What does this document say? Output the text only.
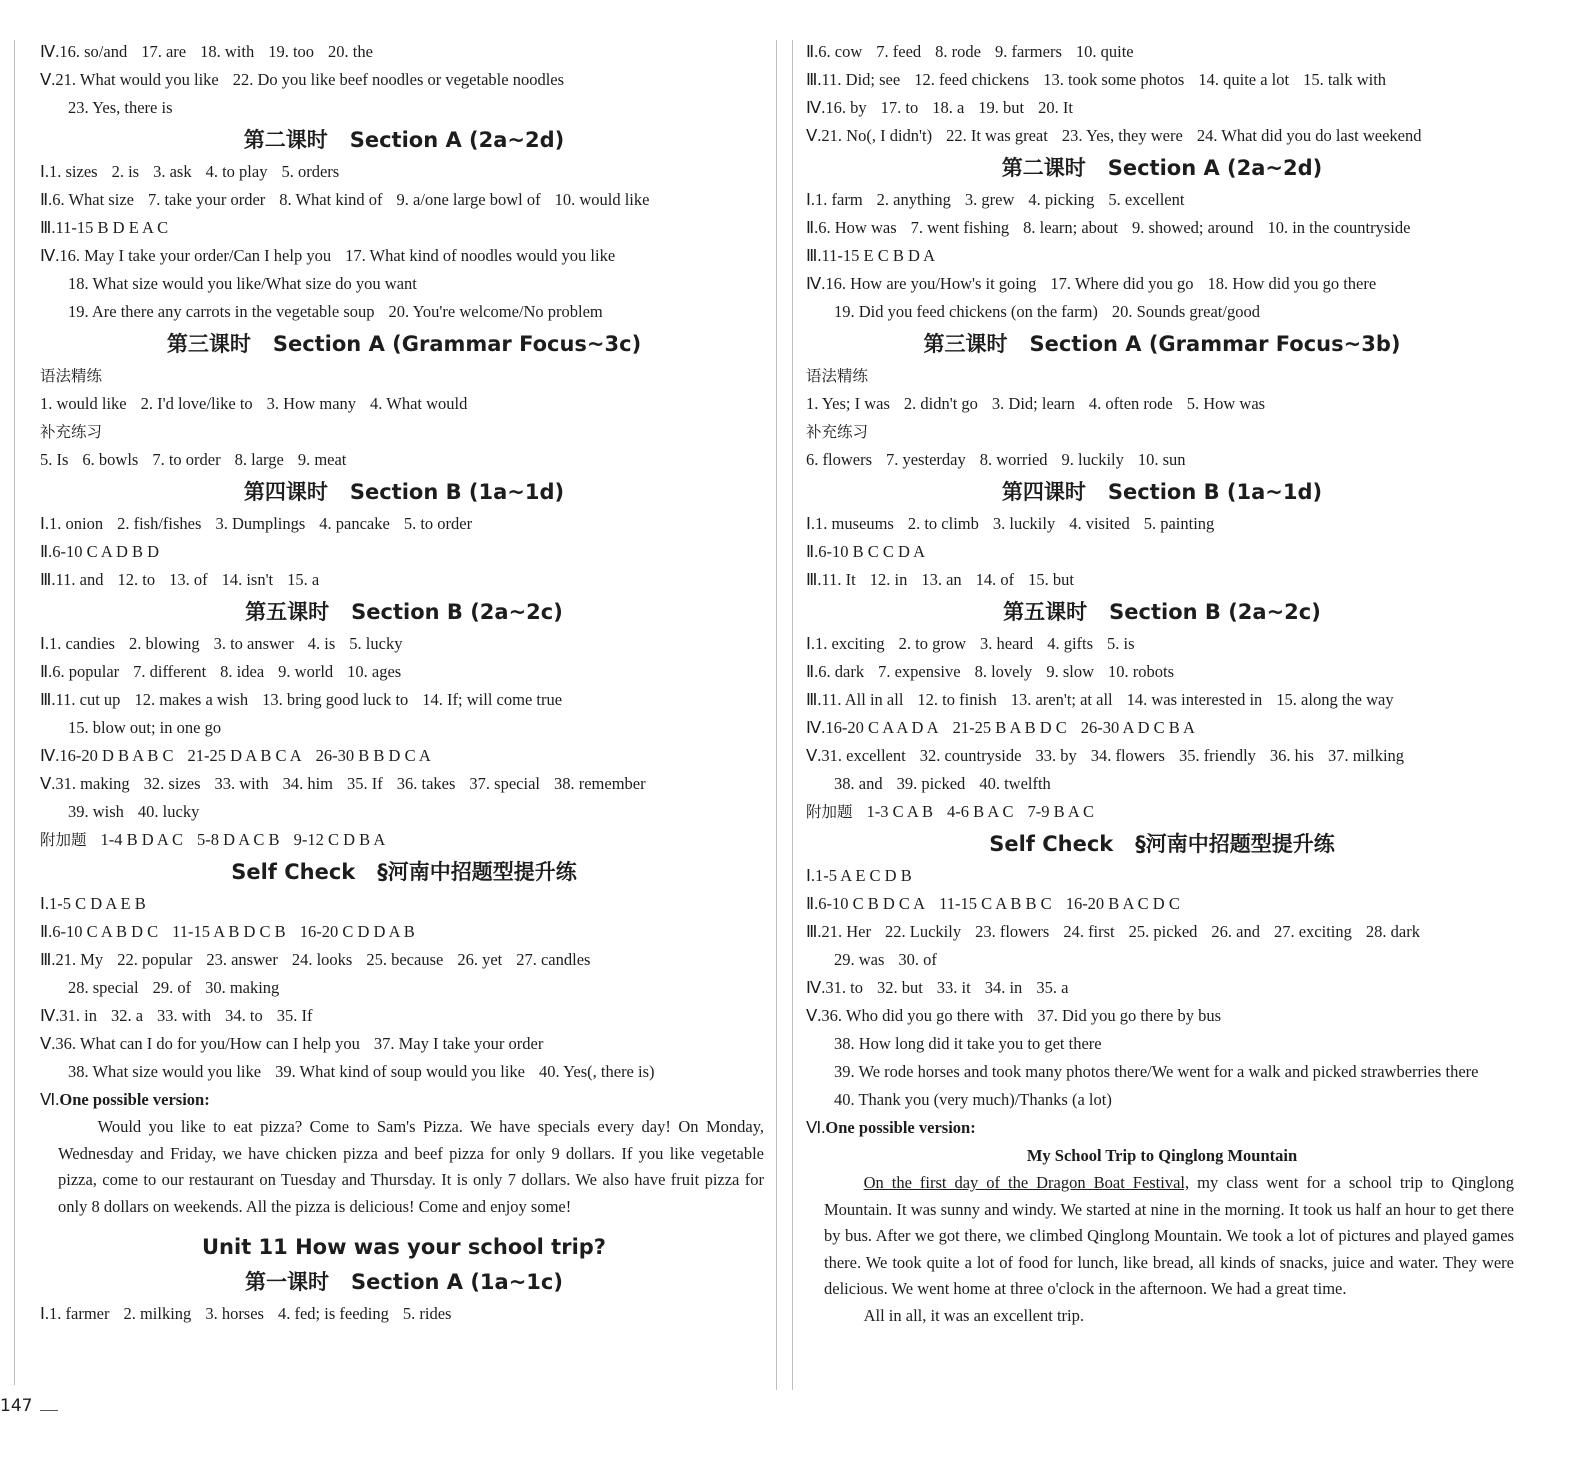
Ⅳ.16. so/and 17. are 18. with 19. too 20. the
Ⅴ.21. What would you like 22. Do you like beef noodles or vegetable noodles
23. Yes, there is
第二课时 Section A (2a~2d)
Ⅰ.1. sizes 2. is 3. ask 4. to play 5. orders
Ⅱ.6. What size 7. take your order 8. What kind of 9. a/one large bowl of 10. would like
Ⅲ.11-15 B D E A C
Ⅳ.16. May I take your order/Can I help you 17. What kind of noodles would you like
18. What size would you like/What size do you want
19. Are there any carrots in the vegetable soup 20. You're welcome/No problem
第三课时 Section A (Grammar Focus~3c)
语法精练
1. would like 2. I'd love/like to 3. How many 4. What would
补充练习
5. Is 6. bowls 7. to order 8. large 9. meat
第四课时 Section B (1a~1d)
Ⅰ.1. onion 2. fish/fishes 3. Dumplings 4. pancake 5. to order
Ⅱ.6-10 C A D B D
Ⅲ.11. and 12. to 13. of 14. isn't 15. a
第五课时 Section B (2a~2c)
Ⅰ.1. candies 2. blowing 3. to answer 4. is 5. lucky
Ⅱ.6. popular 7. different 8. idea 9. world 10. ages
Ⅲ.11. cut up 12. makes a wish 13. bring good luck to 14. If; will come true
15. blow out; in one go
Ⅳ.16-20 D B A B C 21-25 D A B C A 26-30 B B D C A
Ⅴ.31. making 32. sizes 33. with 34. him 35. If 36. takes 37. special 38. remember
39. wish 40. lucky
附加题 1-4 B D A C 5-8 D A C B 9-12 C D B A
Self Check §河南中招题型提升练
Ⅰ.1-5 C D A E B
Ⅱ.6-10 C A B D C 11-15 A B D C B 16-20 C D D A B
Ⅲ.21. My 22. popular 23. answer 24. looks 25. because 26. yet 27. candles
28. special 29. of 30. making
Ⅳ.31. in 32. a 33. with 34. to 35. If
Ⅴ.36. What can I do for you/How can I help you 37. May I take your order
38. What size would you like 39. What kind of soup would you like 40. Yes(, there is)
Ⅵ.One possible version:
Would you like to eat pizza? Come to Sam's Pizza. We have specials every day! On Monday, Wednesday and Friday, we have chicken pizza and beef pizza for only 9 dollars. If you like vegetable pizza, come to our restaurant on Tuesday and Thursday. It is only 7 dollars. We also have fruit pizza for only 8 dollars on weekends. All the pizza is delicious! Come and enjoy some!
Unit 11 How was your school trip?
第一课时 Section A (1a~1c)
Ⅰ.1. farmer 2. milking 3. horses 4. fed; is feeding 5. rides
Ⅱ.6. cow 7. feed 8. rode 9. farmers 10. quite
Ⅲ.11. Did; see 12. feed chickens 13. took some photos 14. quite a lot 15. talk with
Ⅳ.16. by 17. to 18. a 19. but 20. It
Ⅴ.21. No(, I didn't) 22. It was great 23. Yes, they were 24. What did you do last weekend
第二课时 Section A (2a~2d)
Ⅰ.1. farm 2. anything 3. grew 4. picking 5. excellent
Ⅱ.6. How was 7. went fishing 8. learn; about 9. showed; around 10. in the countryside
Ⅲ.11-15 E C B D A
Ⅳ.16. How are you/How's it going 17. Where did you go 18. How did you go there
19. Did you feed chickens (on the farm) 20. Sounds great/good
第三课时 Section A (Grammar Focus~3b)
语法精练
1. Yes; I was 2. didn't go 3. Did; learn 4. often rode 5. How was
补充练习
6. flowers 7. yesterday 8. worried 9. luckily 10. sun
第四课时 Section B (1a~1d)
Ⅰ.1. museums 2. to climb 3. luckily 4. visited 5. painting
Ⅱ.6-10 B C C D A
Ⅲ.11. It 12. in 13. an 14. of 15. but
第五课时 Section B (2a~2c)
Ⅰ.1. exciting 2. to grow 3. heard 4. gifts 5. is
Ⅱ.6. dark 7. expensive 8. lovely 9. slow 10. robots
Ⅲ.11. All in all 12. to finish 13. aren't; at all 14. was interested in 15. along the way
Ⅳ.16-20 C A A D A 21-25 B A B D C 26-30 A D C B A
Ⅴ.31. excellent 32. countryside 33. by 34. flowers 35. friendly 36. his 37. milking
38. and 39. picked 40. twelfth
附加题 1-3 C A B 4-6 B A C 7-9 B A C
Self Check §河南中招题型提升练
Ⅰ.1-5 A E C D B
Ⅱ.6-10 C B D C A 11-15 C A B B C 16-20 B A C D C
Ⅲ.21. Her 22. Luckily 23. flowers 24. first 25. picked 26. and 27. exciting 28. dark
29. was 30. of
Ⅳ.31. to 32. but 33. it 34. in 35. a
Ⅴ.36. Who did you go there with 37. Did you go there by bus
38. How long did it take you to get there
39. We rode horses and took many photos there/We went for a walk and picked strawberries there
40. Thank you (very much)/Thanks (a lot)
Ⅵ.One possible version:
My School Trip to Qinglong Mountain
On the first day of the Dragon Boat Festival, my class went for a school trip to Qinglong Mountain. It was sunny and windy. We started at nine in the morning. It took us half an hour to get there by bus. After we got there, we climbed Qinglong Mountain. We took a lot of pictures and played games there. We took quite a lot of food for lunch, like bread, all kinds of snacks, juice and water. They were delicious. We went home at three o'clock in the afternoon. We had a great time.
All in all, it was an excellent trip.
147
